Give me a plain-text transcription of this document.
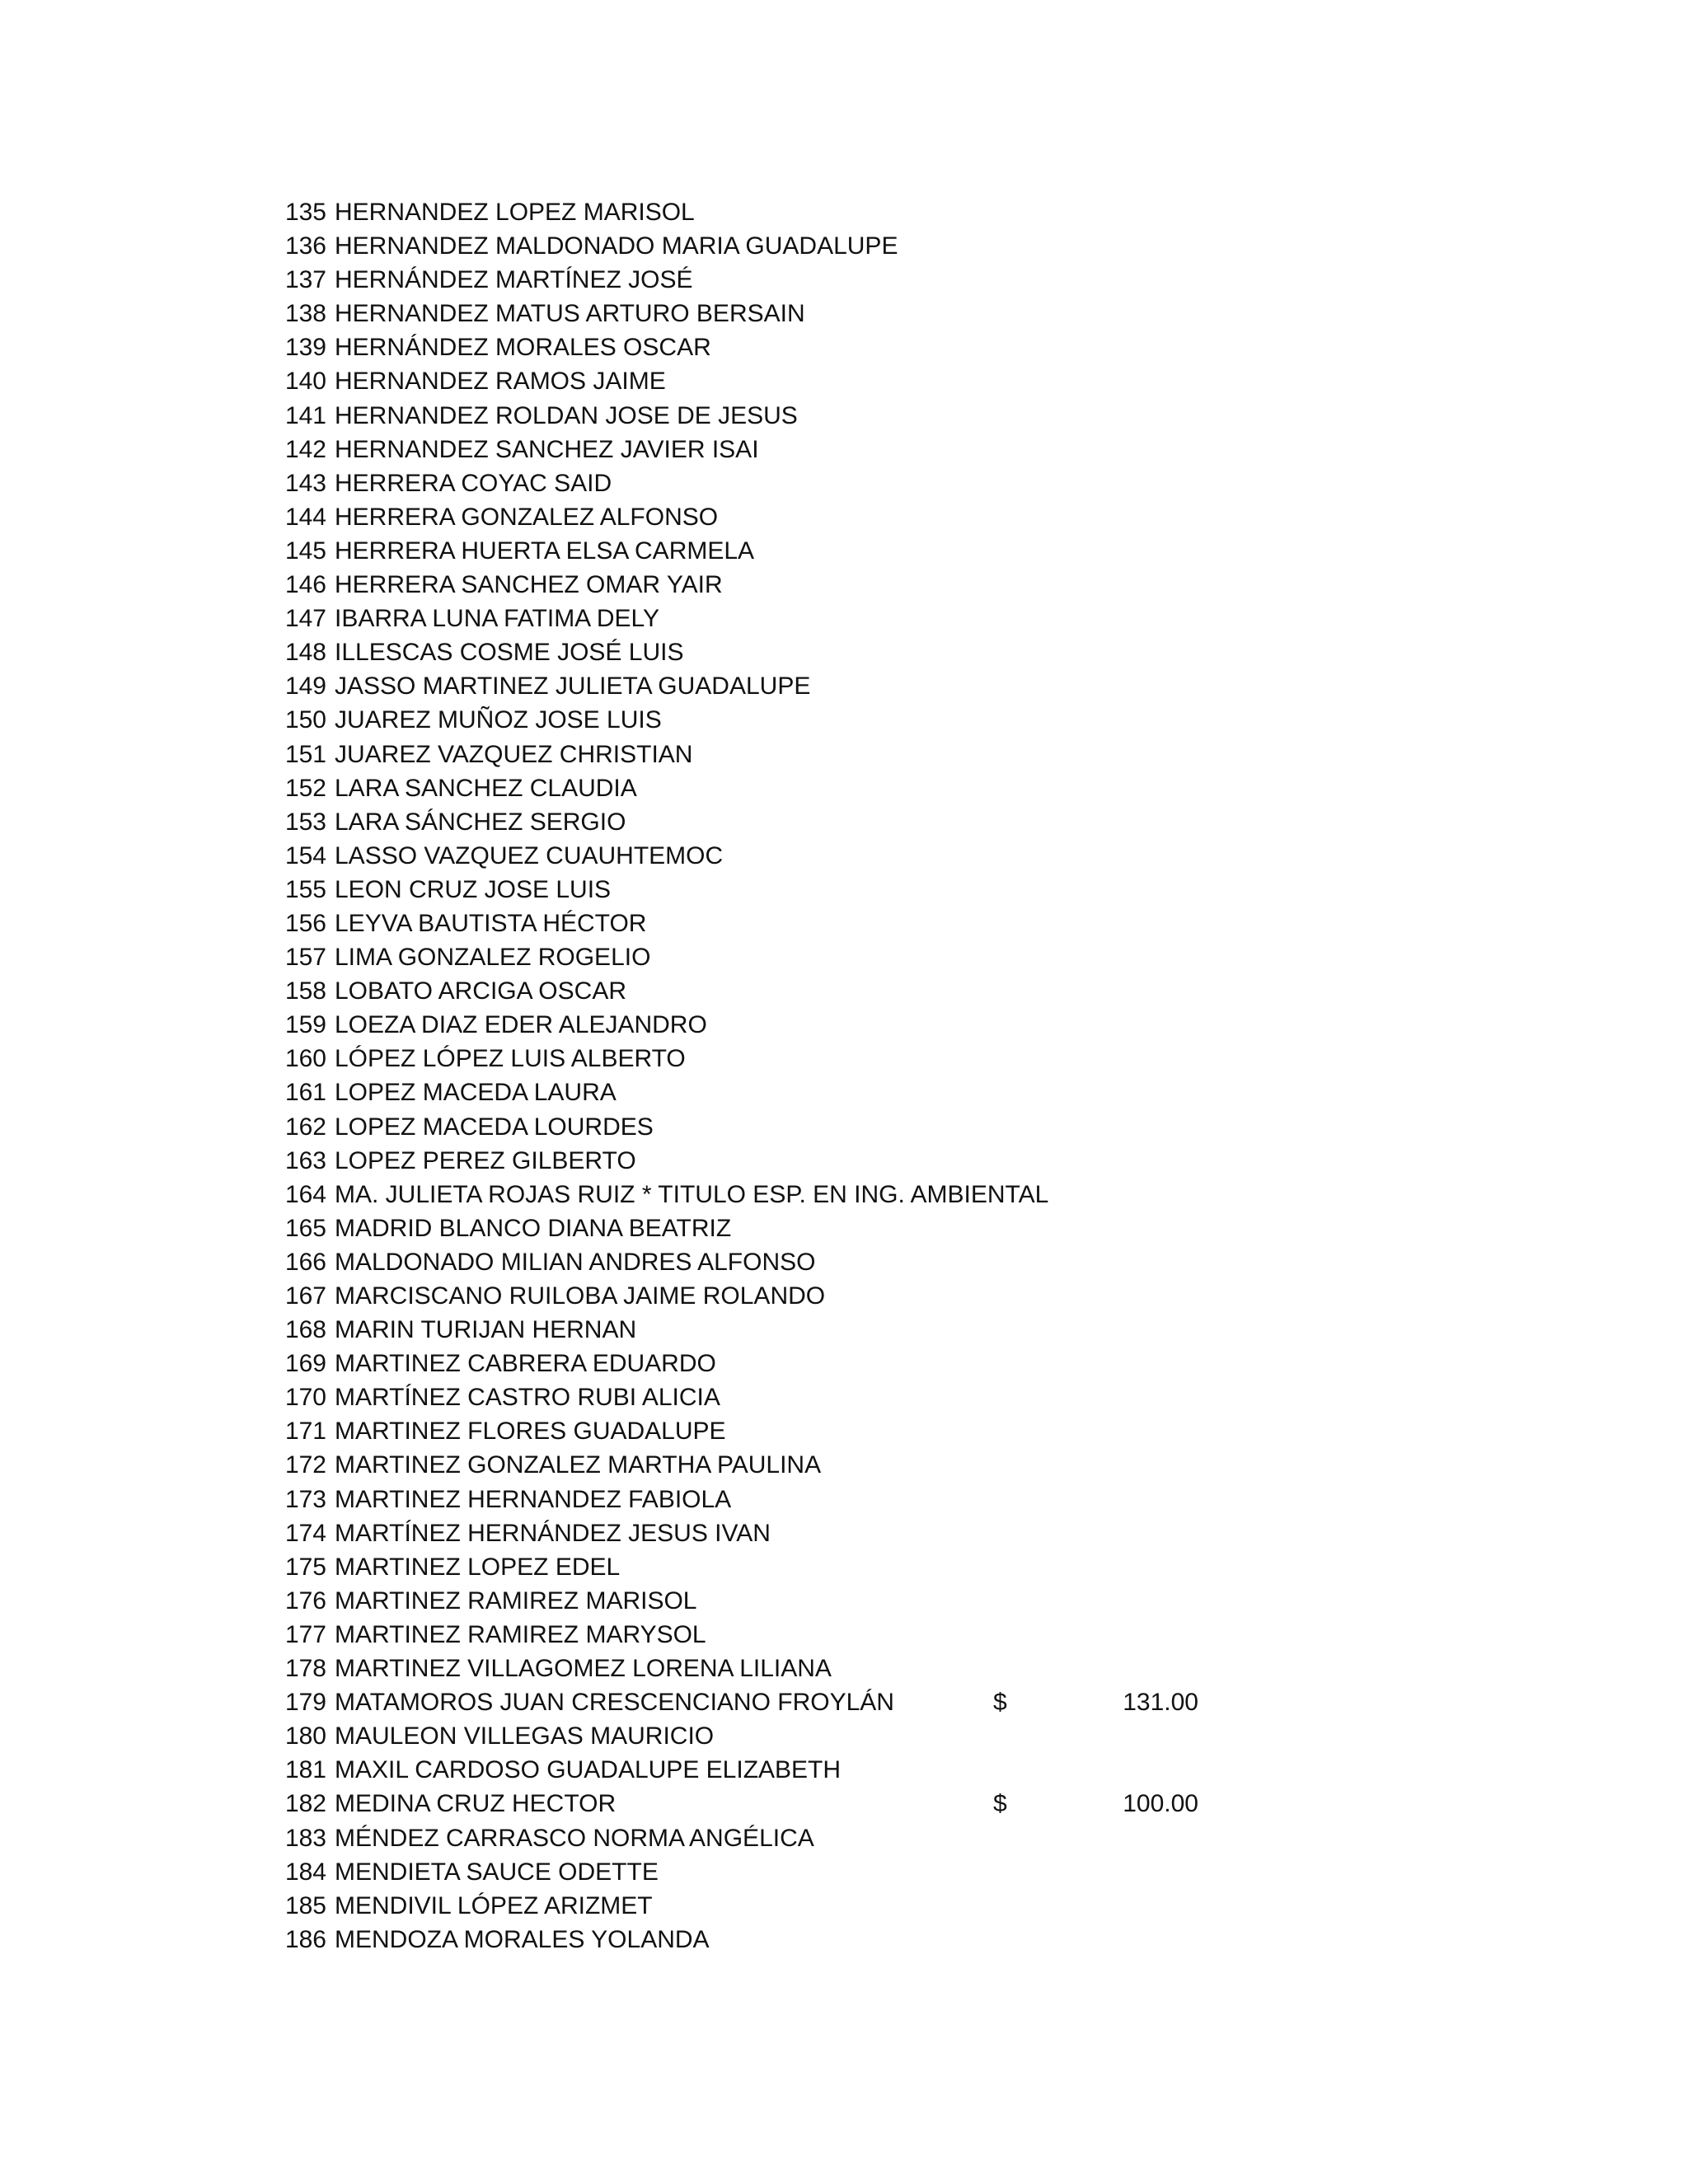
135 HERNANDEZ LOPEZ MARISOL
136 HERNANDEZ MALDONADO MARIA GUADALUPE
137 HERNÁNDEZ MARTÍNEZ JOSÉ
138 HERNANDEZ MATUS ARTURO BERSAIN
139 HERNÁNDEZ MORALES OSCAR
140 HERNANDEZ RAMOS JAIME
141 HERNANDEZ ROLDAN JOSE DE JESUS
142 HERNANDEZ SANCHEZ JAVIER ISAI
143 HERRERA COYAC SAID
144 HERRERA GONZALEZ ALFONSO
145 HERRERA HUERTA ELSA CARMELA
146 HERRERA SANCHEZ OMAR YAIR
147 IBARRA LUNA FATIMA DELY
148 ILLESCAS COSME JOSÉ LUIS
149 JASSO MARTINEZ JULIETA GUADALUPE
150 JUAREZ MUÑOZ JOSE LUIS
151 JUAREZ VAZQUEZ CHRISTIAN
152 LARA SANCHEZ CLAUDIA
153 LARA SÁNCHEZ SERGIO
154 LASSO VAZQUEZ CUAUHTEMOC
155 LEON CRUZ JOSE LUIS
156 LEYVA BAUTISTA HÉCTOR
157 LIMA GONZALEZ ROGELIO
158 LOBATO ARCIGA OSCAR
159 LOEZA DIAZ EDER ALEJANDRO
160 LÓPEZ LÓPEZ LUIS ALBERTO
161 LOPEZ MACEDA LAURA
162 LOPEZ MACEDA LOURDES
163 LOPEZ PEREZ GILBERTO
164 MA. JULIETA ROJAS RUIZ * TITULO ESP. EN ING. AMBIENTAL
165 MADRID BLANCO DIANA BEATRIZ
166 MALDONADO MILIAN ANDRES ALFONSO
167 MARCISCANO RUILOBA JAIME ROLANDO
168 MARIN TURIJAN HERNAN
169 MARTINEZ CABRERA EDUARDO
170 MARTÍNEZ CASTRO RUBI ALICIA
171 MARTINEZ FLORES GUADALUPE
172 MARTINEZ GONZALEZ MARTHA PAULINA
173 MARTINEZ HERNANDEZ FABIOLA
174 MARTÍNEZ HERNÁNDEZ JESUS IVAN
175 MARTINEZ LOPEZ EDEL
176 MARTINEZ RAMIREZ MARISOL
177 MARTINEZ RAMIREZ MARYSOL
178 MARTINEZ VILLAGOMEZ LORENA LILIANA
179 MATAMOROS JUAN CRESCENCIANO FROYLÁN	$	131.00
180 MAULEON VILLEGAS MAURICIO
181 MAXIL CARDOSO GUADALUPE ELIZABETH
182 MEDINA CRUZ HECTOR	$	100.00
183 MÉNDEZ CARRASCO NORMA ANGÉLICA
184 MENDIETA SAUCE ODETTE
185 MENDIVIL LÓPEZ ARIZMET
186 MENDOZA MORALES YOLANDA
